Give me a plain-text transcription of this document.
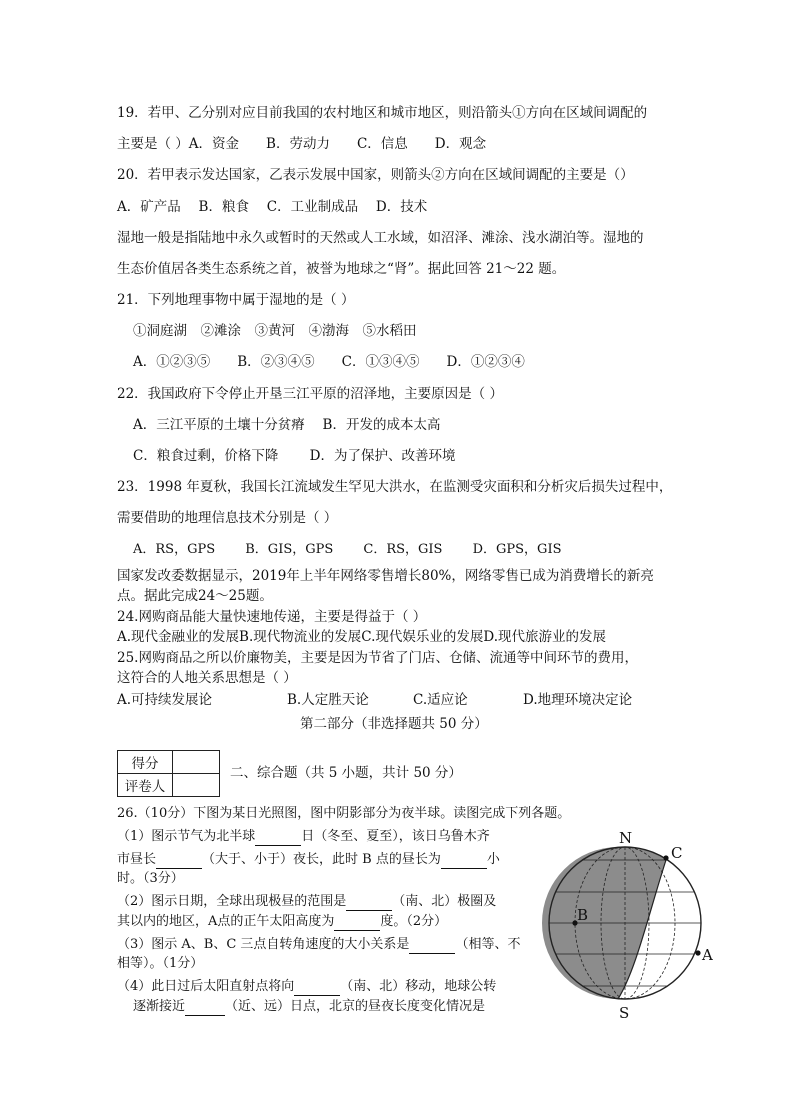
19．若甲、乙分别对应目前我国的农村地区和城市地区，则沿箭头①方向在区域间调配的
主要是（ ）A．资金　　B．劳动力　　C．信息　　D．观念
20．若甲表示发达国家，乙表示发展中国家，则箭头②方向在区域间调配的主要是（）
A．矿产品　 B．粮食　 C．工业制成品　 D．技术
湿地一般是指陆地中永久或暂时的天然或人工水域，如沼泽、滩涂、浅水湖泊等。湿地的
生态价值居各类生态系统之首，被誉为地球之“肾”。据此回答 21～22 题。
21．下列地理事物中属于湿地的是（ ）
①洞庭湖　②滩涂　③黄河　④渤海　⑤水稻田
A．①②③⑤　　B．②③④⑤　　C．①③④⑤　　D．①②③④
22．我国政府下令停止开垦三江平原的沼泽地，主要原因是（ ）
A．三江平原的土壤十分贫瘠　 B．开发的成本太高
C．粮食过剩，价格下降　　 D．为了保护、改善环境
23．1998 年夏秋，我国长江流域发生罕见大洪水，在监测受灾面积和分析灾后损失过程中，
需要借助的地理信息技术分别是（ ）
A．RS，GPS　　 B．GIS，GPS　　 C．RS，GIS　　 D．GPS，GIS
国家发改委数据显示，2019年上半年网络零售增长80%，网络零售已成为消费增长的新亮
点。据此完成24～25题。
24.网购商品能大量快速地传递，主要是得益于（ ）
A.现代金融业的发展B.现代物流业的发展C.现代娱乐业的发展D.现代旅游业的发展
25.网购商品之所以价廉物美，主要是因为节省了门店、仓储、流通等中间环节的费用，
这符合的人地关系思想是（ ）
A.可持续发展论	B.人定胜天论	C.适应论	D.地理环境决定论
第二部分（非选择题共 50 分）
得分	
评卷人	
二、综合题（共 5 小题，共计 50 分）
26.（10分）下图为某日光照图，图中阴影部分为夜半球。读图完成下列各题。
（1）图示节气为北半球	日（冬至、夏至），该日乌鲁木齐
市昼长	（大于、小于）夜长，此时 B 点的昼长为	小
时。（3分）
（2）图示日期，全球出现极昼的范围是	（南、北）极圈及
其以内的地区，A点的正午太阳高度为	度。（2分）
（3）图示 A、B、C 三点自转角速度的大小关系是	（相等、不
相等）。（1分）
（4）此日过后太阳直射点将向	（南、北）移动，地球公转
逐渐接近	（近、远）日点，北京的昼夜长度变化情况是
N
S
C
B
A
